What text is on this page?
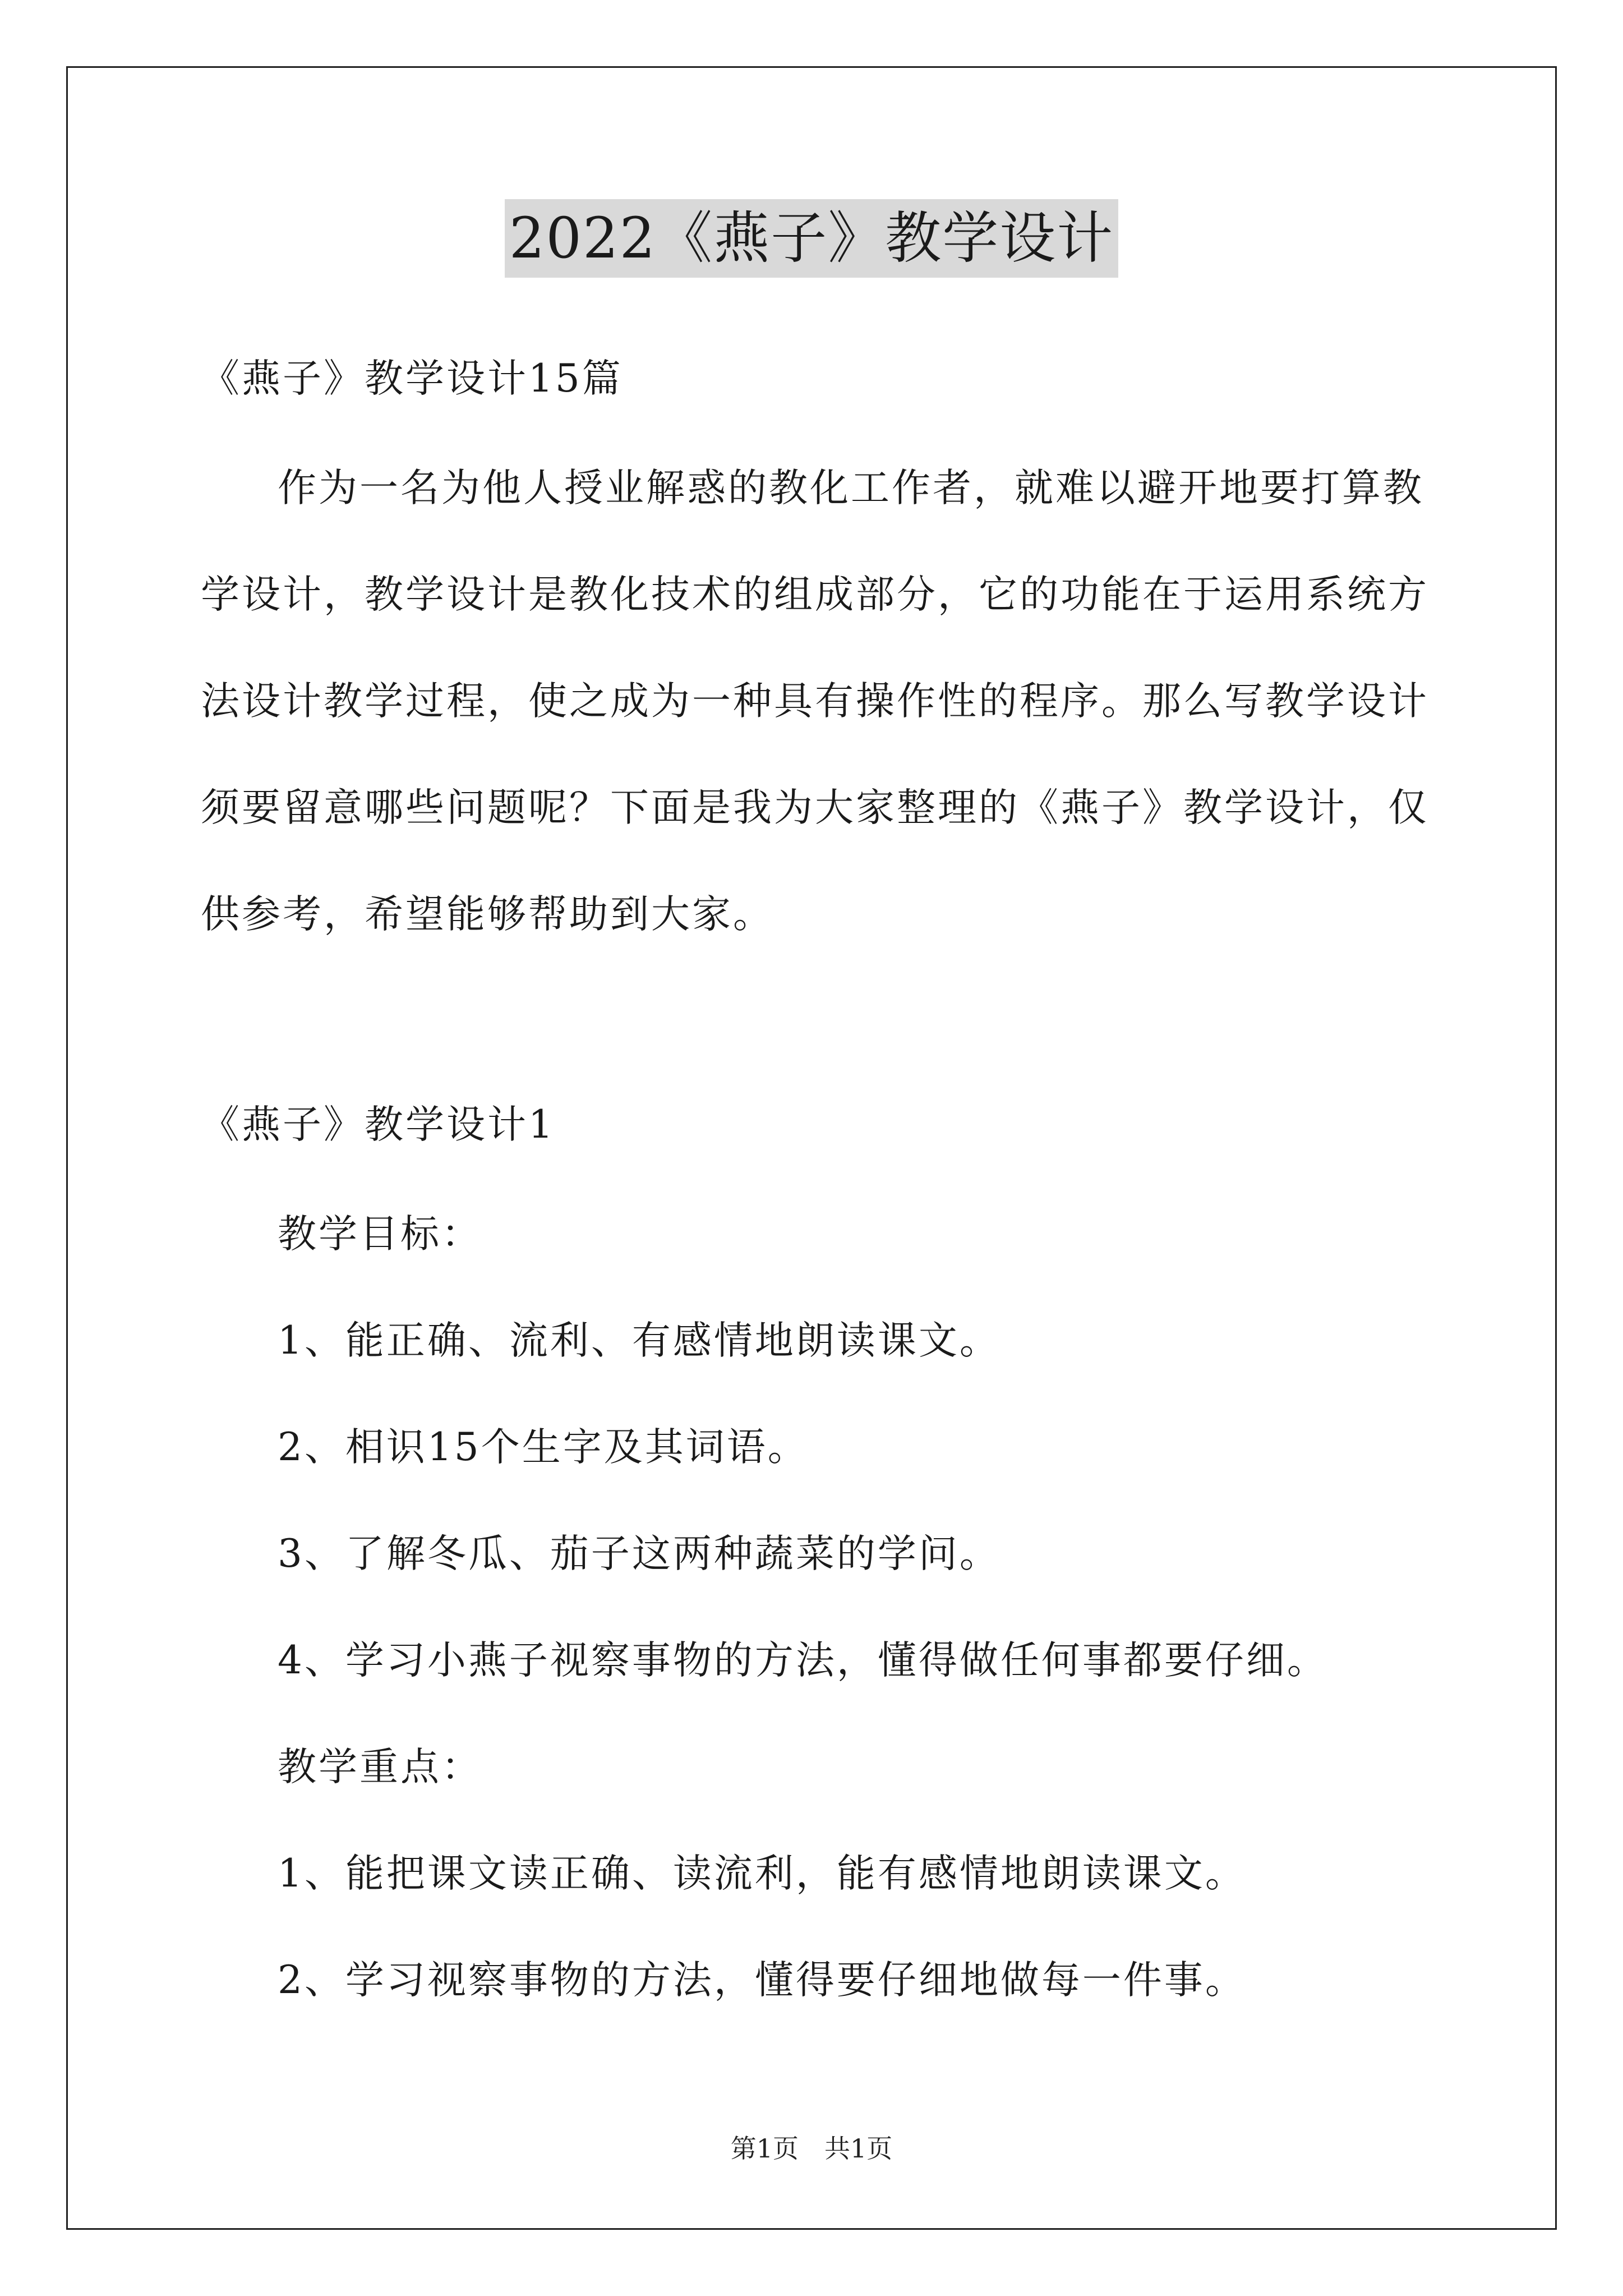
2022《燕子》教学设计
《燕子》教学设计15篇
作为一名为他人授业解惑的教化工作者，就难以避开地要打算教
学设计，教学设计是教化技术的组成部分，它的功能在于运用系统方
法设计教学过程，使之成为一种具有操作性的程序。那么写教学设计
须要留意哪些问题呢？下面是我为大家整理的《燕子》教学设计，仅
供参考，希望能够帮助到大家。
《燕子》教学设计1
教学目标：
1、能正确、流利、有感情地朗读课文。
2、相识15个生字及其词语。
3、了解冬瓜、茄子这两种蔬菜的学问。
4、学习小燕子视察事物的方法，懂得做任何事都要仔细。
教学重点：
1、能把课文读正确、读流利，能有感情地朗读课文。
2、学习视察事物的方法，懂得要仔细地做每一件事。
第1页　共1页
